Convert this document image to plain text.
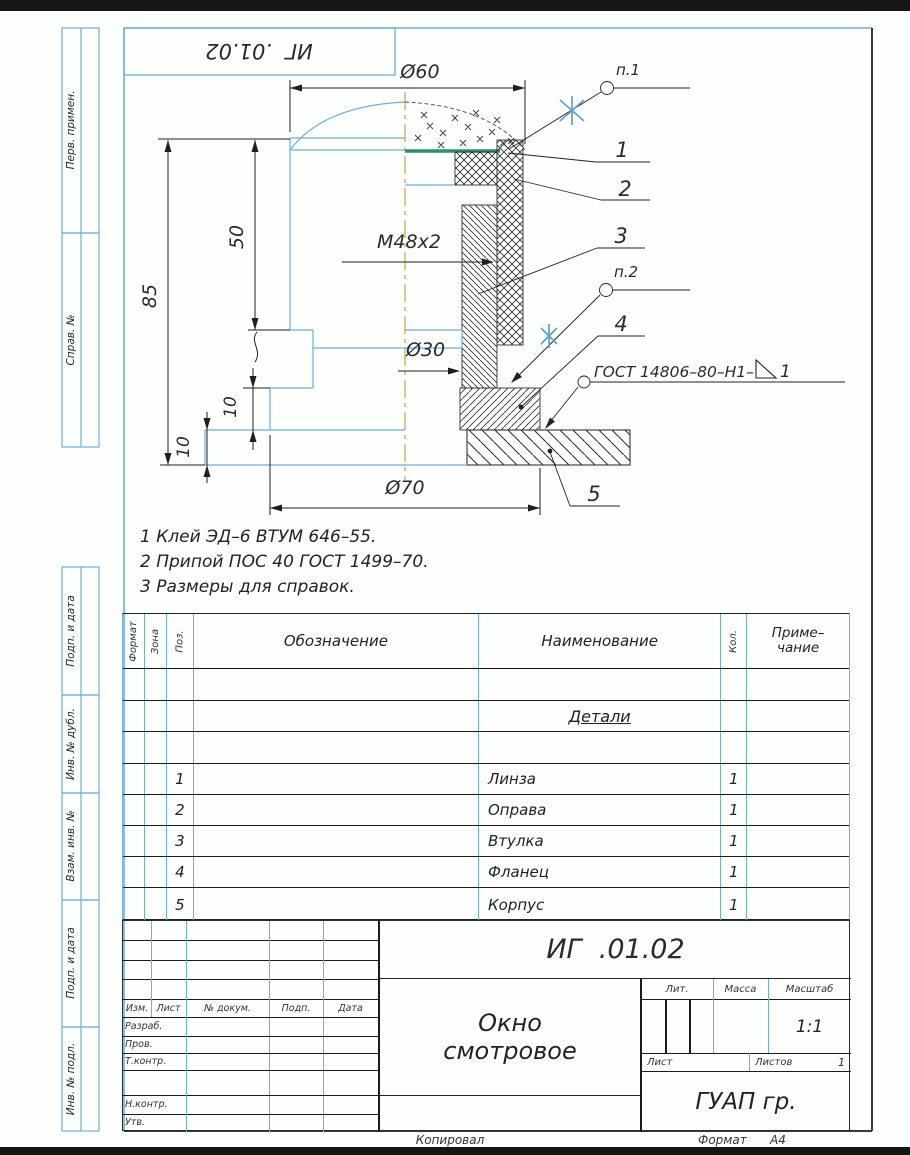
ИГ  .01.02
Перв. примен.
Справ. №
Подп. и дата
Инв. № дубл.
Взам. инв. №
Подп. и дата
Инв. № подл.
Ø60
85
50	M48x2
Ø30
10
10
Ø70
п.1
1
2
3
п.2
4
ГОСТ 14806–80–Н1– 1
5
1 Клей ЭД–6 ВТУМ 646–55.
2 Припой ПОС 40 ГОСТ 1499–70.
3 Размеры для справок.
Формат Зона Поз.	Обозначение	Наименование	Кол. Приме–
чание
Детали
1	Линза	1
2	Оправа	1
3	Втулка	1
4	Фланец	1
5	Корпус	1
ИГ  .01.02
Изм. Лист № докум.	Подп.	Дата
Разраб.
Пров.
Т.контр.
Н.контр.
Утв.
Окно
смотровое
Лит.	Масса	Масштаб
1:1
Лист	Листов	1
ГУАП гр.
Копировал	Формат А4
